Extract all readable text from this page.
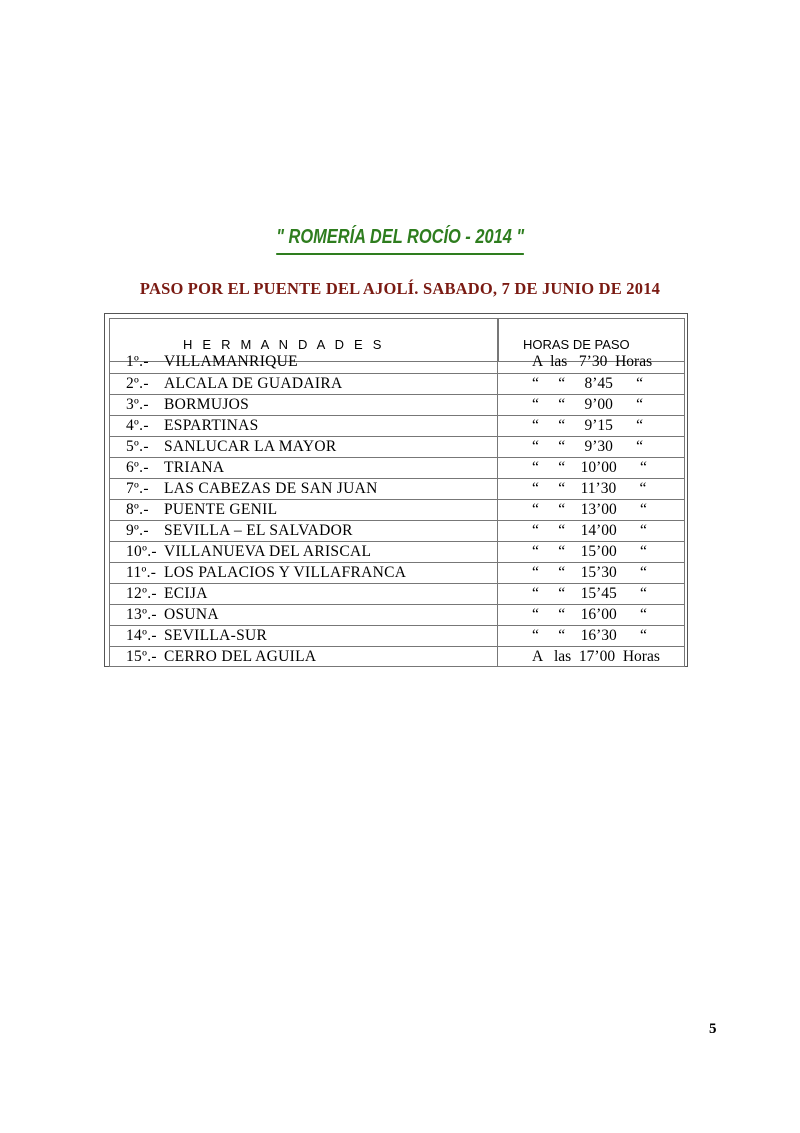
" ROMERÍA DEL ROCÍO - 2014 "
PASO POR EL PUENTE DEL AJOLÍ. SABADO, 7 DE JUNIO DE 2014
H E R M A N D A D E S	HORAS DE PASO
1º.- VILLAMANRIQUE	A  las   7’30  Horas
2º.- ALCALA DE GUADAIRA	“     “     8’45      “
3º.- BORMUJOS	“     “     9’00      “
4º.- ESPARTINAS	“     “     9’15      “
5º.- SANLUCAR LA MAYOR	“     “     9’30      “
6º.- TRIANA	“     “    10’00      “
7º.- LAS CABEZAS DE SAN JUAN	“     “    11’30      “
8º.- PUENTE GENIL	“     “    13’00      “
9º.- SEVILLA – EL SALVADOR	“     “    14’00      “
10º.- VILLANUEVA DEL ARISCAL	“     “    15’00      “
11º.- LOS PALACIOS Y VILLAFRANCA	“     “    15’30      “
12º.- ECIJA	“     “    15’45      “
13º.- OSUNA	“     “    16’00      “
14º.- SEVILLA-SUR	“     “    16’30      “
15º.- CERRO DEL AGUILA	A   las  17’00  Horas
5
